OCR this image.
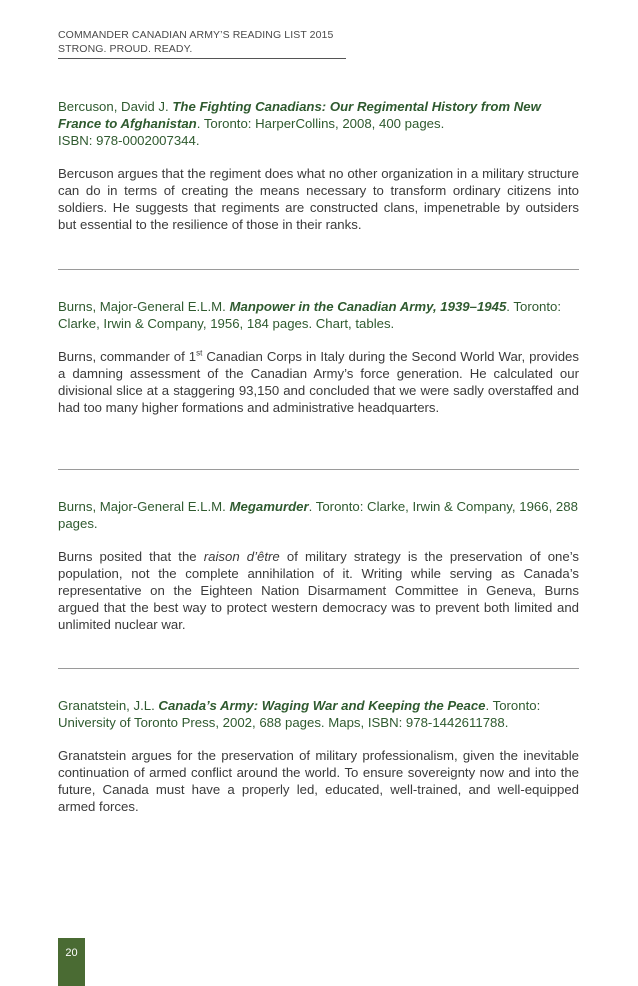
COMMANDER CANADIAN ARMY’S READING LIST 2015
STRONG. PROUD. READY.

Bercuson, David J. The Fighting Canadians: Our Regimental History from New France to Afghanistan. Toronto: HarperCollins, 2008, 400 pages.
ISBN: 978-0002007344.

Bercuson argues that the regiment does what no other organization in a military structure can do in terms of creating the means necessary to transform ordinary citizens into soldiers. He suggests that regiments are constructed clans, impenetrable by outsiders but essential to the resilience of those in their ranks.

Burns, Major-General E.L.M. Manpower in the Canadian Army, 1939–1945. Toronto: Clarke, Irwin & Company, 1956, 184 pages. Chart, tables.

Burns, commander of 1st Canadian Corps in Italy during the Second World War, provides a damning assessment of the Canadian Army’s force generation. He calculated our divisional slice at a staggering 93,150 and concluded that we were sadly overstaffed and had too many higher formations and administrative headquarters.

Burns, Major-General E.L.M. Megamurder. Toronto: Clarke, Irwin & Company, 1966, 288 pages.

Burns posited that the raison d’être of military strategy is the preservation of one’s population, not the complete annihilation of it. Writing while serving as Canada’s representative on the Eighteen Nation Disarmament Committee in Geneva, Burns argued that the best way to protect western democracy was to prevent both limited and unlimited nuclear war.

Granatstein, J.L. Canada’s Army: Waging War and Keeping the Peace. Toronto: University of Toronto Press, 2002, 688 pages. Maps, ISBN: 978-1442611788.

Granatstein argues for the preservation of military professionalism, given the inevitable continuation of armed conflict around the world. To ensure sovereignty now and into the future, Canada must have a properly led, educated, well-trained, and well-equipped armed forces.

20
